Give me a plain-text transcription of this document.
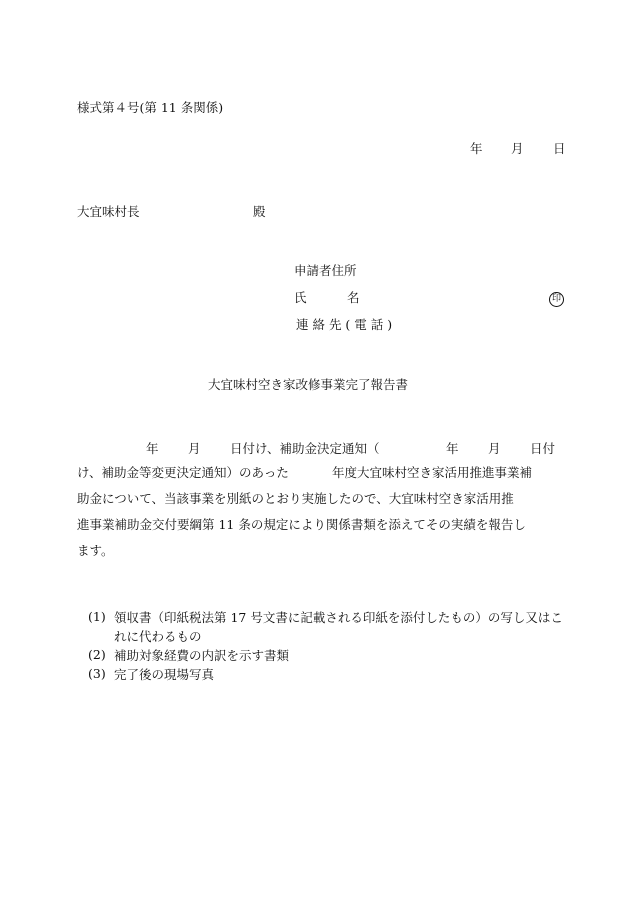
様式第４号(第 11 条関係)
年 月 日
大宜味村長	殿
申請者住所
氏	名	印
連 絡 先 ( 電 話 )
大宜味村空き家改修事業完了報告書
年 月 日付け、補助金決定通知（	年 月 日付
け、補助金等変更決定通知）のあった	年度大宜味村空き家活用推進事業補
助金について、当該事業を別紙のとおり実施したので、大宜味村空き家活用推
進事業補助金交付要綱第 11 条の規定により関係書類を添えてその実績を報告し
ます。
(1) 領収書（印紙税法第 17 号文書に記載される印紙を添付したもの）の写し又はこれに代わるもの
(2) 補助対象経費の内訳を示す書類
(3) 完了後の現場写真
